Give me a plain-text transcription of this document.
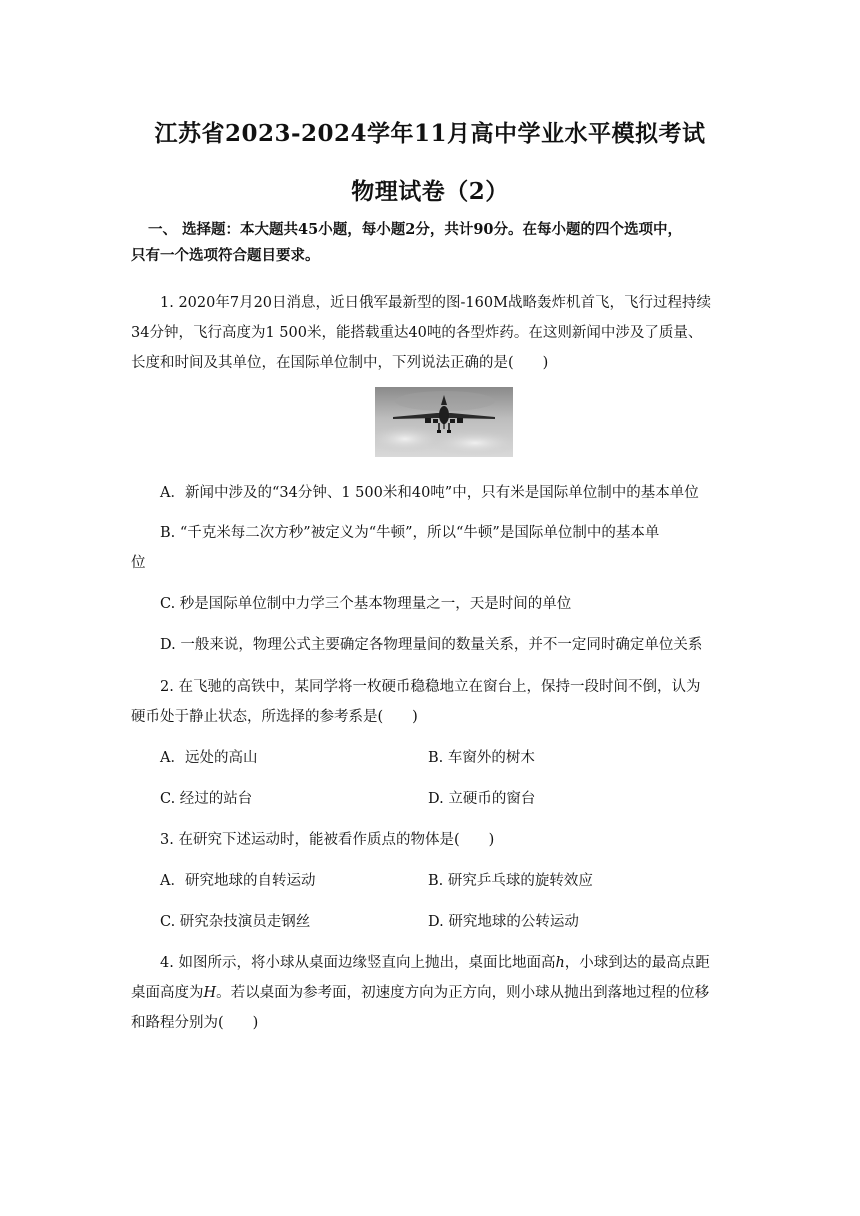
江苏省2023-2024学年11月高中学业水平模拟考试
物理试卷（2）
一、 选择题：本大题共45小题，每小题2分，共计90分。在每小题的四个选项中，
只有一个选项符合题目要求。
1. 2020年7月20日消息，近日俄军最新型的图-160M战略轰炸机首飞，飞行过程持续
34分钟，飞行高度为1 500米，能搭载重达40吨的各型炸药。在这则新闻中涉及了质量、
长度和时间及其单位，在国际单位制中，下列说法正确的是(　　)
A．新闻中涉及的“34分钟、1 500米和40吨”中，只有米是国际单位制中的基本单位
B. “千克米每二次方秒”被定义为“牛顿”，所以“牛顿”是国际单位制中的基本单
位
C. 秒是国际单位制中力学三个基本物理量之一，天是时间的单位
D. 一般来说，物理公式主要确定各物理量间的数量关系，并不一定同时确定单位关系
2. 在飞驰的高铁中，某同学将一枚硬币稳稳地立在窗台上，保持一段时间不倒，认为
硬币处于静止状态，所选择的参考系是(　　)
A．远处的高山	B. 车窗外的树木
C. 经过的站台	D. 立硬币的窗台
3. 在研究下述运动时，能被看作质点的物体是(　　)
A．研究地球的自转运动	B. 研究乒乓球的旋转效应
C. 研究杂技演员走钢丝	D. 研究地球的公转运动
4. 如图所示，将小球从桌面边缘竖直向上抛出，桌面比地面高h，小球到达的最高点距
桌面高度为H。若以桌面为参考面，初速度方向为正方向，则小球从抛出到落地过程的位移
和路程分别为(　　)
